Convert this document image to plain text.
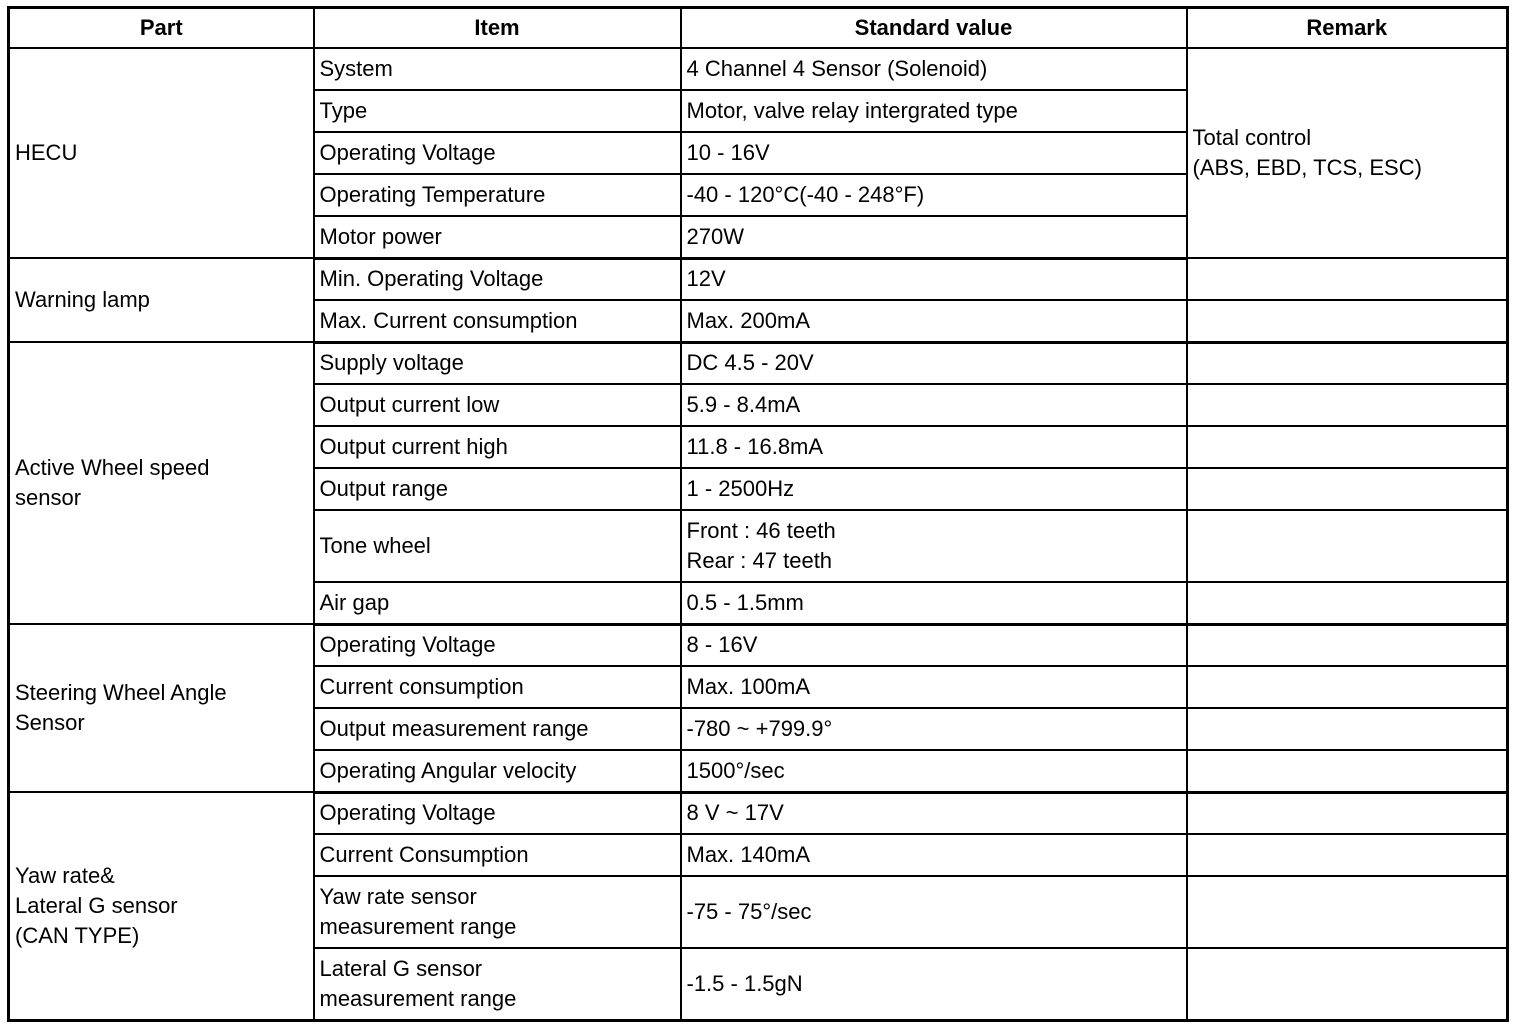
Part	Item	Standard value	Remark
HECU	System	4 Channel 4 Sensor (Solenoid)	Total control
(ABS, EBD, TCS, ESC)
	Type	Motor, valve relay intergrated type	
	Operating Voltage	10 - 16V	
	Operating Temperature	-40 - 120°C(-40 - 248°F)	
	Motor power	270W	
Warning lamp	Min. Operating Voltage	12V	
	Max. Current consumption	Max. 200mA	
Active Wheel speed
sensor	Supply voltage	DC 4.5 - 20V	
	Output current low	5.9 - 8.4mA	
	Output current high	11.8 - 16.8mA	
	Output range	1 - 2500Hz	
	Tone wheel	Front : 46 teeth
Rear : 47 teeth	
	Air gap	0.5 - 1.5mm	
Steering Wheel Angle
Sensor	Operating Voltage	8 - 16V	
	Current consumption	Max. 100mA	
	Output measurement range	-780 ~ +799.9°	
	Operating Angular velocity	1500°/sec	
Yaw rate&
Lateral G sensor
(CAN TYPE)	Operating Voltage	8 V ~ 17V	
	Current Consumption	Max. 140mA	
	Yaw rate sensor
measurement range	-75 - 75°/sec	
	Lateral G sensor
measurement range	-1.5 - 1.5gN	
